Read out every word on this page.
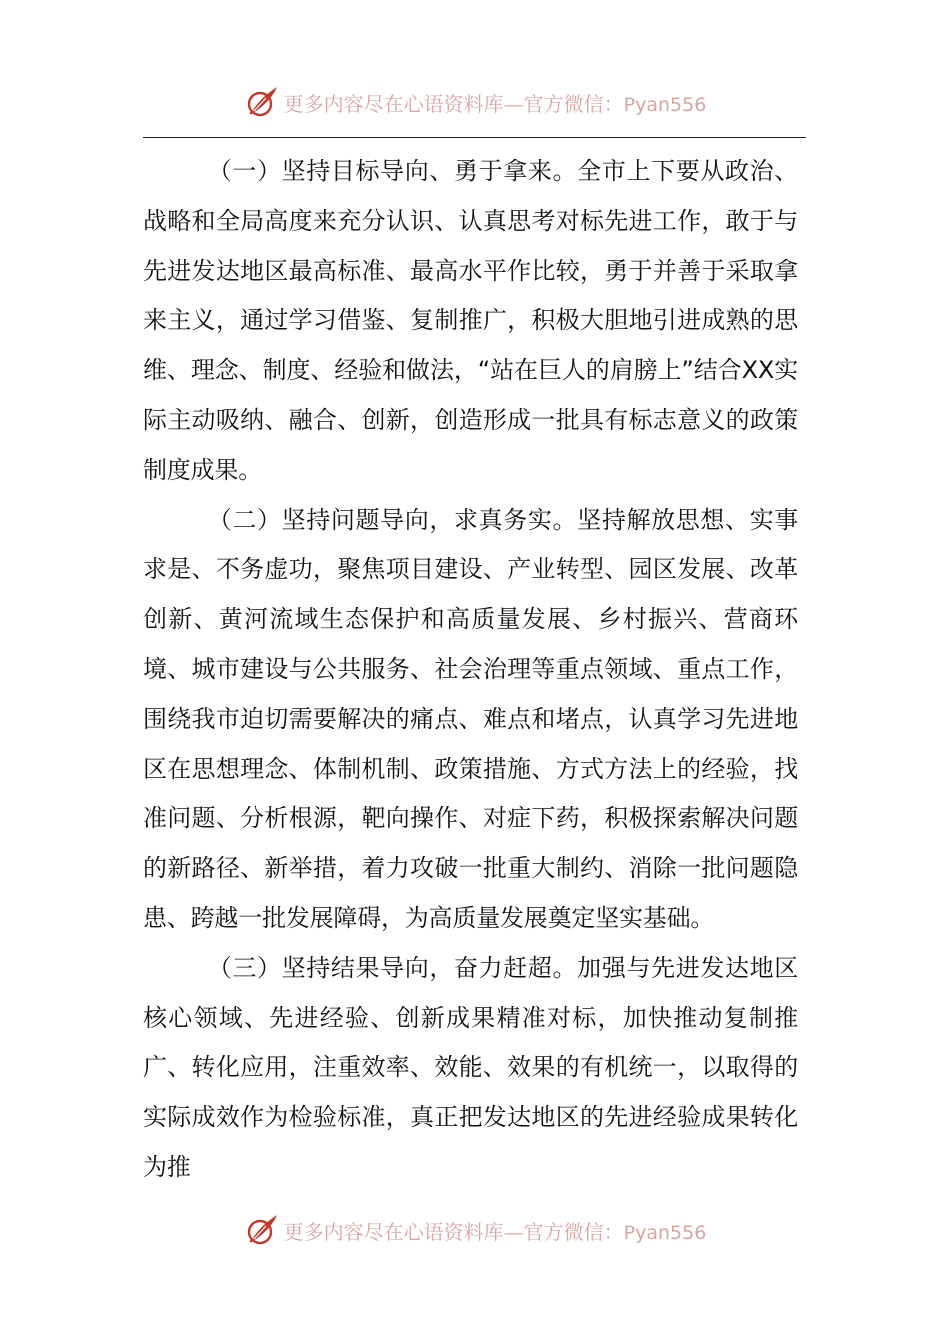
更多内容尽在心语资料库—官方微信：Pyan556

（一）坚持目标导向、勇于拿来。全市上下要从政治、战略和全局高度来充分认识、认真思考对标先进工作，敢于与先进发达地区最高标准、最高水平作比较，勇于并善于采取拿来主义，通过学习借鉴、复制推广，积极大胆地引进成熟的思维、理念、制度、经验和做法，“站在巨人的肩膀上”结合XX实际主动吸纳、融合、创新，创造形成一批具有标志意义的政策制度成果。

（二）坚持问题导向，求真务实。坚持解放思想、实事求是、不务虚功，聚焦项目建设、产业转型、园区发展、改革创新、黄河流域生态保护和高质量发展、乡村振兴、营商环境、城市建设与公共服务、社会治理等重点领域、重点工作，围绕我市迫切需要解决的痛点、难点和堵点，认真学习先进地区在思想理念、体制机制、政策措施、方式方法上的经验，找准问题、分析根源，靶向操作、对症下药，积极探索解决问题的新路径、新举措，着力攻破一批重大制约、消除一批问题隐患、跨越一批发展障碍，为高质量发展奠定坚实基础。

（三）坚持结果导向，奋力赶超。加强与先进发达地区核心领域、先进经验、创新成果精准对标，加快推动复制推广、转化应用，注重效率、效能、效果的有机统一，以取得的实际成效作为检验标准，真正把发达地区的先进经验成果转化为推

更多内容尽在心语资料库—官方微信：Pyan556
